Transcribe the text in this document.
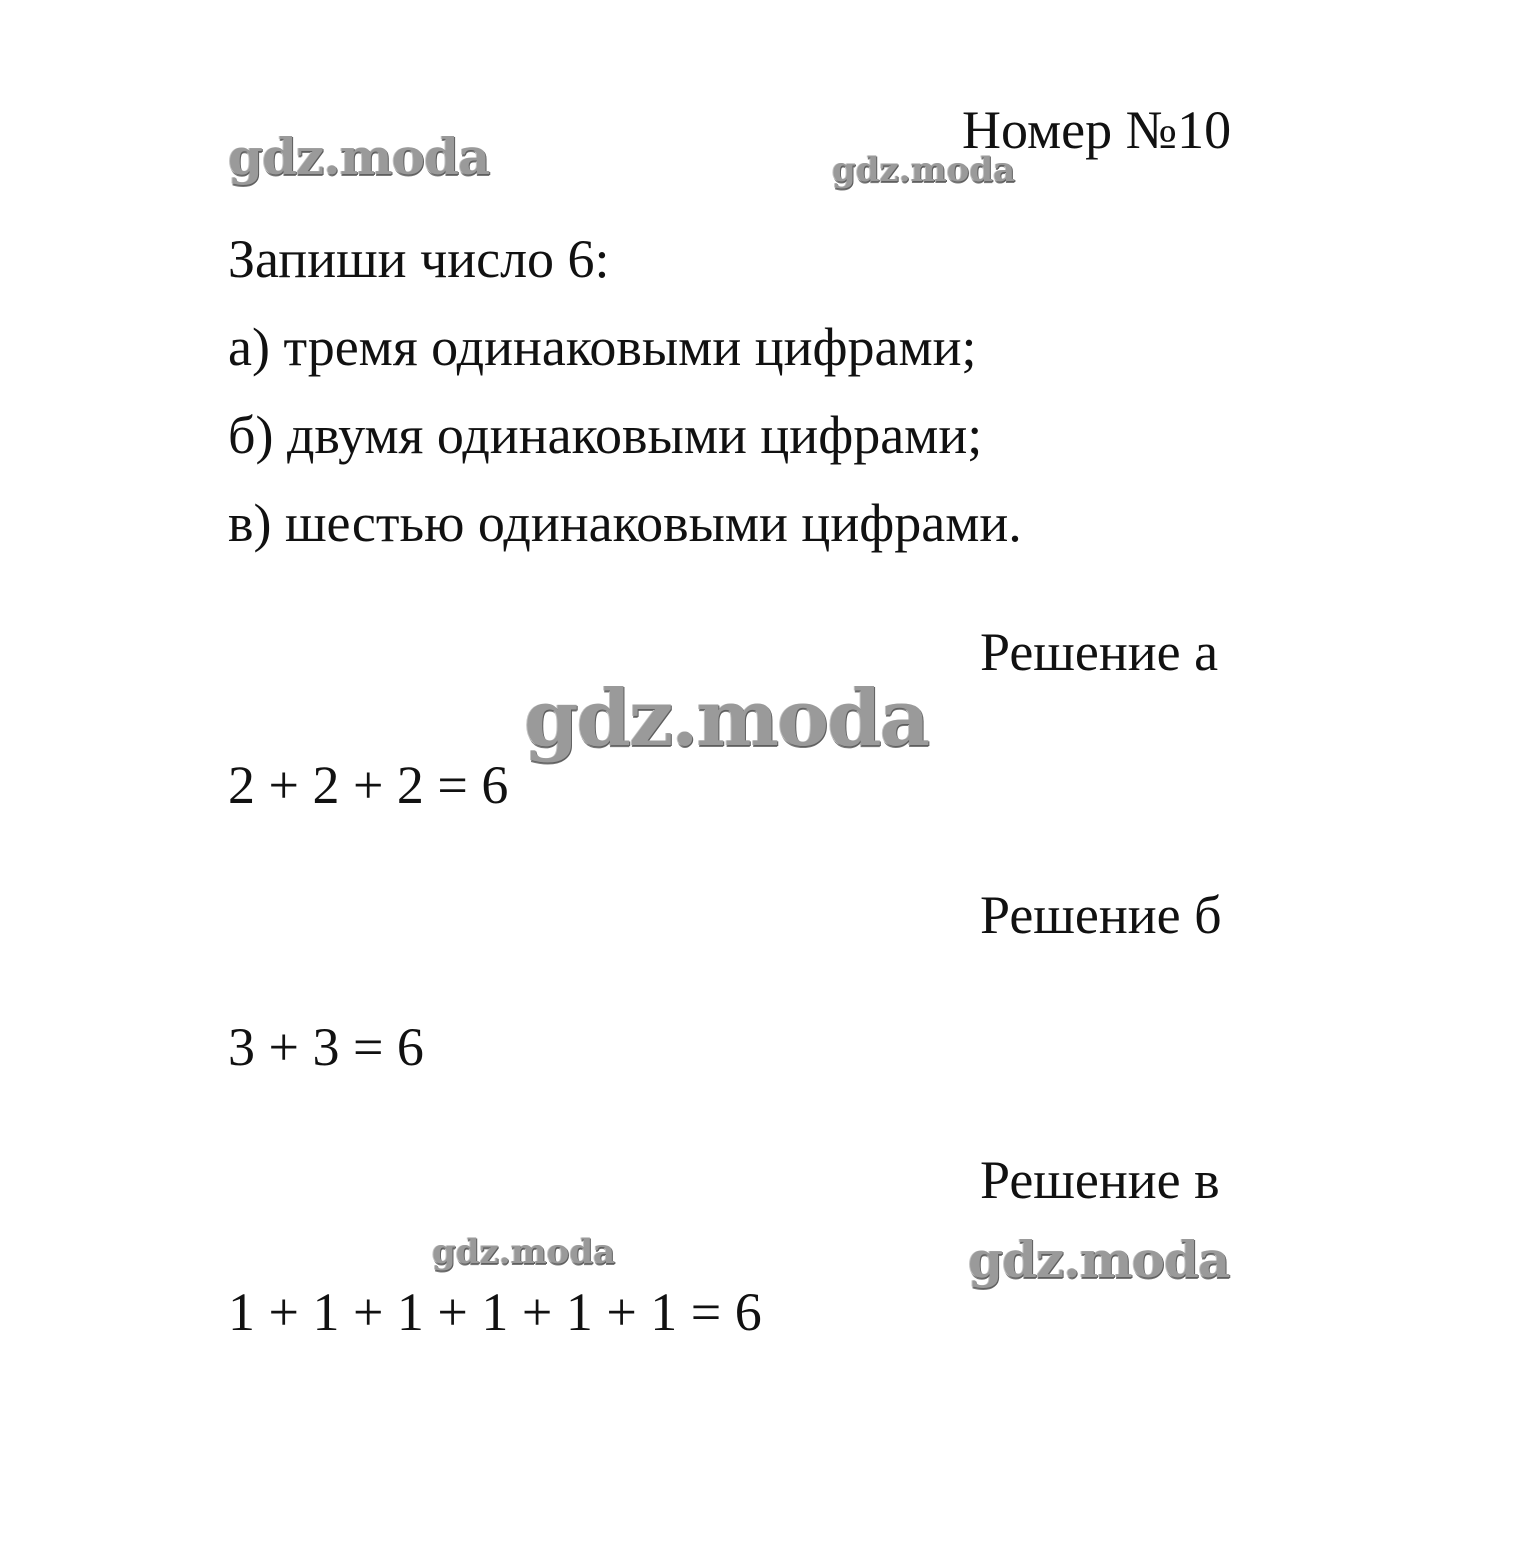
gdz.moda	gdz.moda
gdz.moda
gdz.moda	gdz.moda
Номер №10
Запиши число 6:
а) тремя одинаковыми цифрами;
б) двумя одинаковыми цифрами;
в) шестью одинаковыми цифрами.
Решение а
2 + 2 + 2 = 6
Решение б
3 + 3 = 6
Решение в
1 + 1 + 1 + 1 + 1 + 1 = 6
